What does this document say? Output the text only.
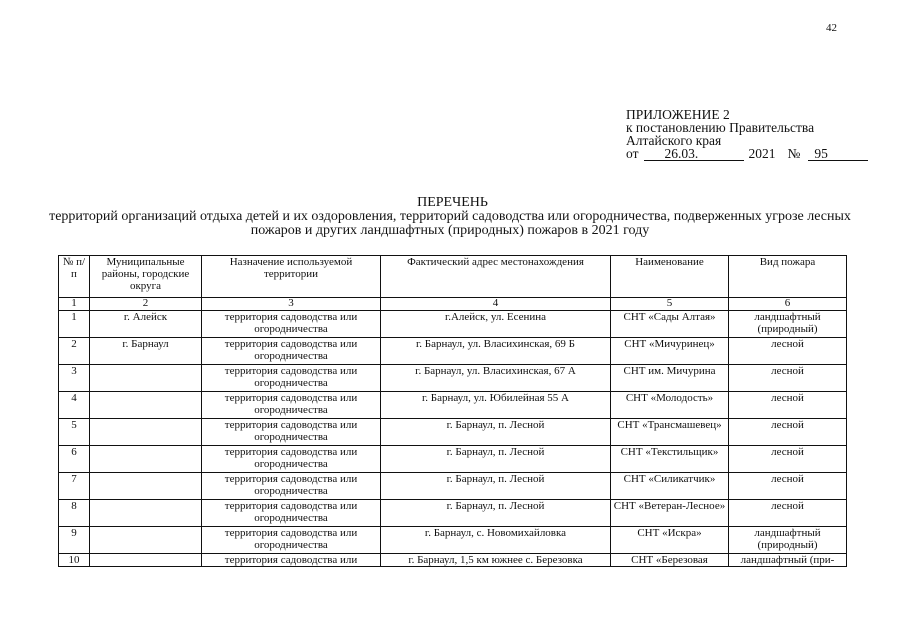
42
ПРИЛОЖЕНИЕ 2
к постановлению Правительства
Алтайского края
от 26.03.	2021 № 95
ПЕРЕЧЕНЬ
территорий организаций отдыха детей и их оздоровления, территорий садоводства или огородничества, подверженных угрозе лесных пожаров и других ландшафтных (природных) пожаров в 2021 году
№ п/п	Муниципальные районы, городские округа	Назначение используемой территории	Фактический адрес местонахождения	Наименование	Вид пожара
1	2	3	4	5	6
1	г. Алейск	территория садоводства или огородничества	г.Алейск, ул. Есенина	СНТ «Сады Алтая»	ландшафтный (природный)
2	г. Барнаул	территория садоводства или огородничества	г. Барнаул, ул. Власихинская, 69 Б	СНТ «Мичуринец»	лесной
3		территория садоводства или огородничества	г. Барнаул, ул. Власихинская, 67 А	СНТ им. Мичурина	лесной
4		территория садоводства или огородничества	г. Барнаул, ул. Юбилейная 55 А	СНТ «Молодость»	лесной
5		территория садоводства или огородничества	г. Барнаул, п. Лесной	СНТ «Трансмашевец»	лесной
6		территория садоводства или огородничества	г. Барнаул, п. Лесной	СНТ «Текстильщик»	лесной
7		территория садоводства или огородничества	г. Барнаул, п. Лесной	СНТ «Силикатчик»	лесной
8		территория садоводства или огородничества	г. Барнаул, п. Лесной	СНТ «Ветеран-Лесное»	лесной
9		территория садоводства или огородничества	г. Барнаул, с. Новомихайловка	СНТ «Искра»	ландшафтный (природный)
10		территория садоводства или	г. Барнаул, 1,5 км южнее с. Березовка	СНТ «Березовая	ландшафтный (при-
